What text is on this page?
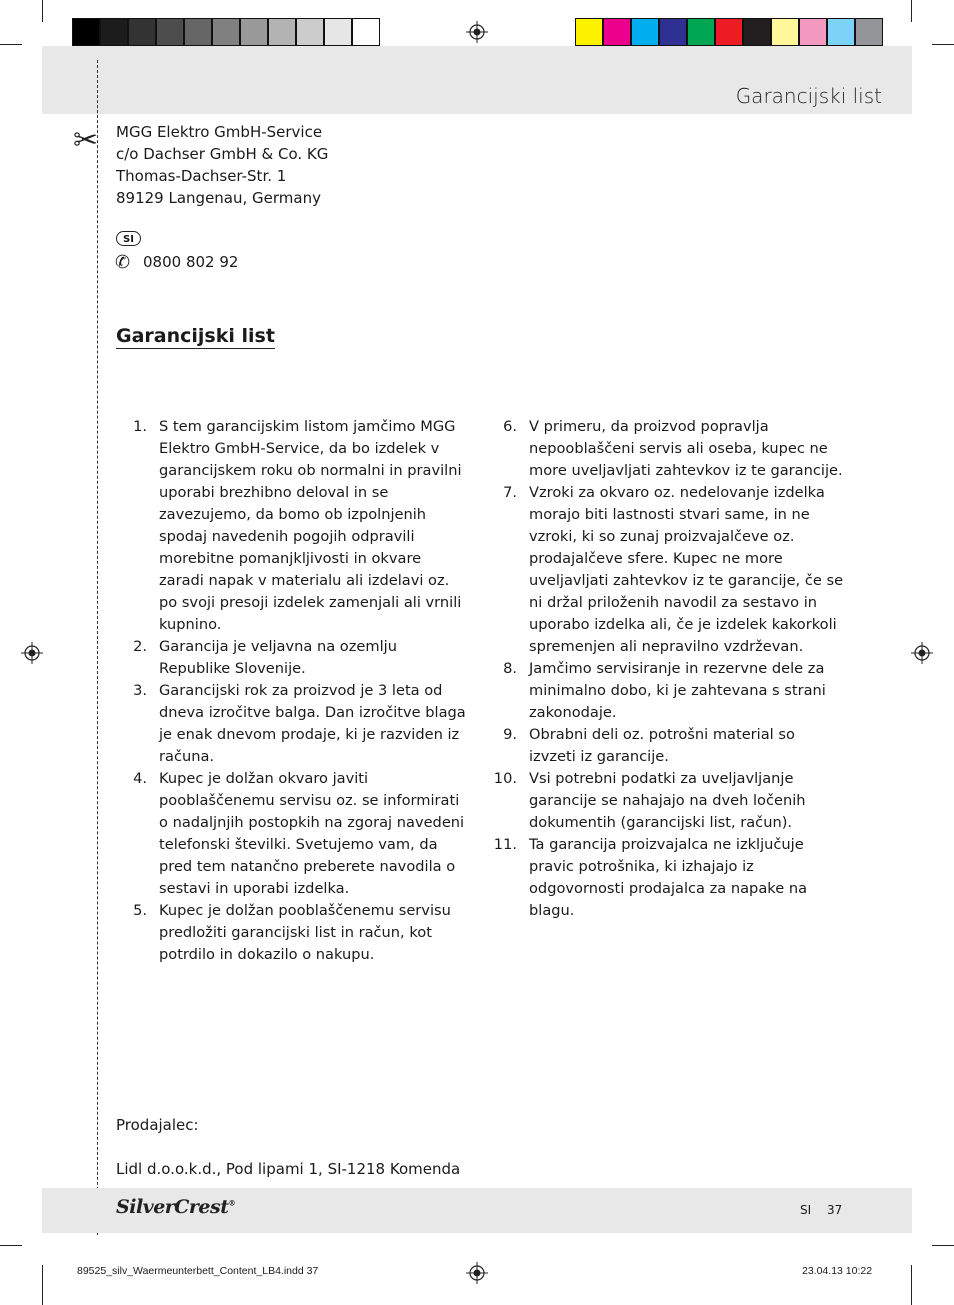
Garancijski list
✂ MGG Elektro GmbH-Service
c/o Dachser GmbH & Co. KG
Thomas-Dachser-Str. 1
89129 Langenau, Germany
SI
✆ 0800 802 92
Garancijski list
1. S tem garancijskim listom jamčimo MGG Elektro GmbH-Service, da bo izdelek v garancijskem roku ob normalni in pravilni uporabi brezhibno deloval in se zavezujemo, da bomo ob izpolnjenih spodaj navedenih pogojih odpravili morebitne pomanjkljivosti in okvare zaradi napak v materialu ali izdelavi oz. po svoji presoji izdelek zamenjali ali vrnili kupnino.
2. Garancija je veljavna na ozemlju Republike Slovenije.
3. Garancijski rok za proizvod je 3 leta od dneva izročitve balga. Dan izročitve blaga je enak dnevom prodaje, ki je razviden iz računa.
4. Kupec je dolžan okvaro javiti pooblaščenemu servisu oz. se informirati o nadaljnjih postopkih na zgoraj navedeni telefonski številki. Svetujemo vam, da pred tem natančno preberete navodila o sestavi in uporabi izdelka.
5. Kupec je dolžan pooblaščenemu servisu predložiti garancijski list in račun, kot potrdilo in dokazilo o nakupu.
6. V primeru, da proizvod popravlja nepooblaščeni servis ali oseba, kupec ne more uveljavljati zahtevkov iz te garancije.
7. Vzroki za okvaro oz. nedelovanje izdelka morajo biti lastnosti stvari same, in ne vzroki, ki so zunaj proizvajalčeve oz. prodajalčeve sfere. Kupec ne more uveljavljati zahtevkov iz te garancije, če se ni držal priloženih navodil za sestavo in uporabo izdelka ali, če je izdelek kakorkoli spremenjen ali nepravilno vzdrževan.
8. Jamčimo servisiranje in rezervne dele za minimalno dobo, ki je zahtevana s strani zakonodaje.
9. Obrabni deli oz. potrošni material so izvzeti iz garancije.
10. Vsi potrebni podatki za uveljavljanje garancije se nahajajo na dveh ločenih dokumentih (garancijski list, račun).
11. Ta garancija proizvajalca ne izključuje pravic potrošnika, ki izhajajo iz odgovornosti prodajalca za napake na blagu.
Prodajalec:
Lidl d.o.o.k.d., Pod lipami 1, SI-1218 Komenda
SilverCrest®	SI 37
89525_silv_Waermeunterbett_Content_LB4.indd 37	23.04.13 10:22
